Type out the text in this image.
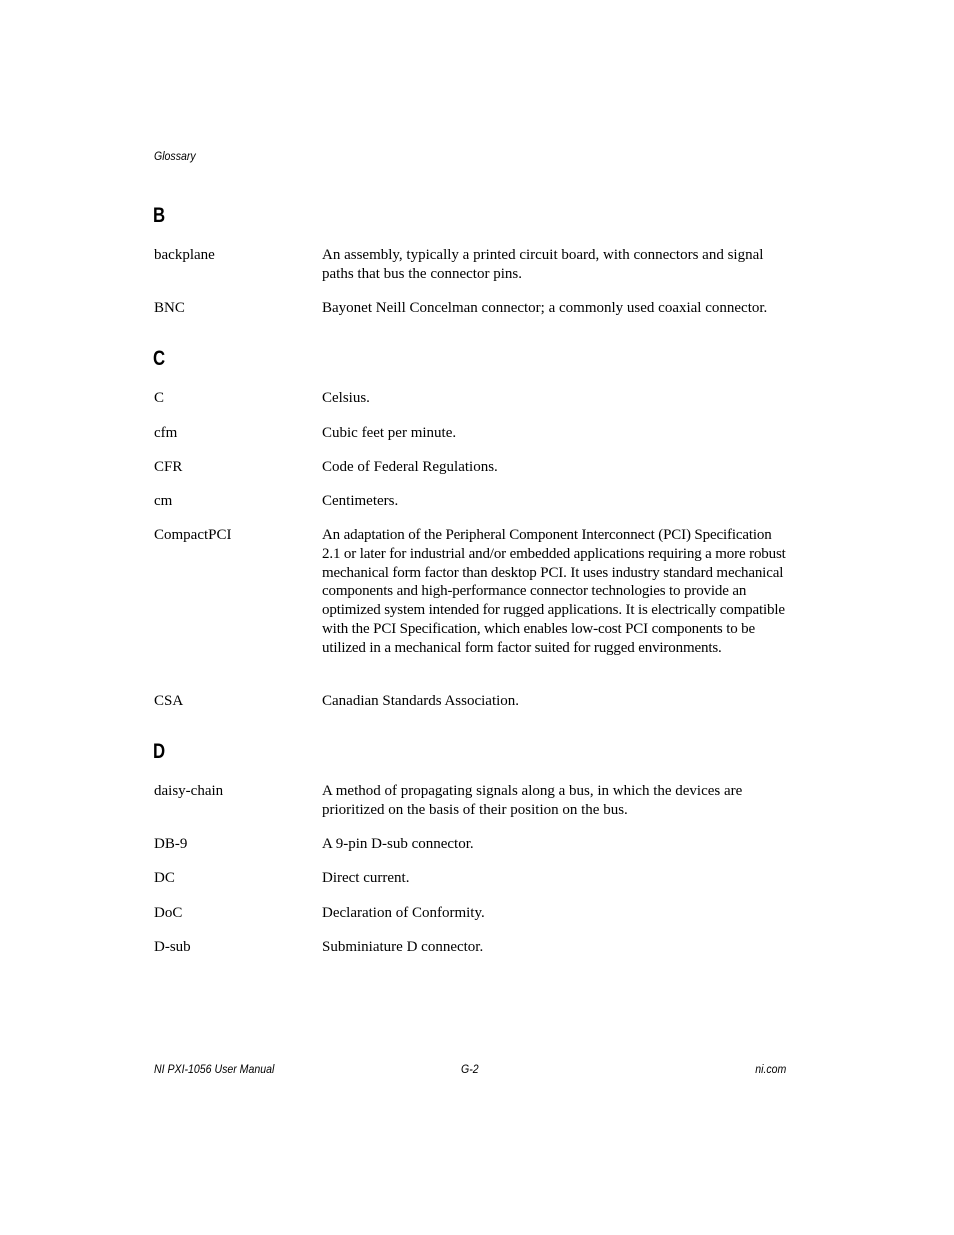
Glossary
B
backplane	An assembly, typically a printed circuit board, with connectors and signal paths that bus the connector pins.
BNC	Bayonet Neill Concelman connector; a commonly used coaxial connector.
C
C	Celsius.
cfm	Cubic feet per minute.
CFR	Code of Federal Regulations.
cm	Centimeters.
CompactPCI	An adaptation of the Peripheral Component Interconnect (PCI) Specification 2.1 or later for industrial and/or embedded applications requiring a more robust mechanical form factor than desktop PCI. It uses industry standard mechanical components and high-performance connector technologies to provide an optimized system intended for rugged applications. It is electrically compatible with the PCI Specification, which enables low-cost PCI components to be utilized in a mechanical form factor suited for rugged environments.
CSA	Canadian Standards Association.
D
daisy-chain	A method of propagating signals along a bus, in which the devices are prioritized on the basis of their position on the bus.
DB-9	A 9-pin D-sub connector.
DC	Direct current.
DoC	Declaration of Conformity.
D-sub	Subminiature D connector.
NI PXI-1056 User Manual	G-2	ni.com
